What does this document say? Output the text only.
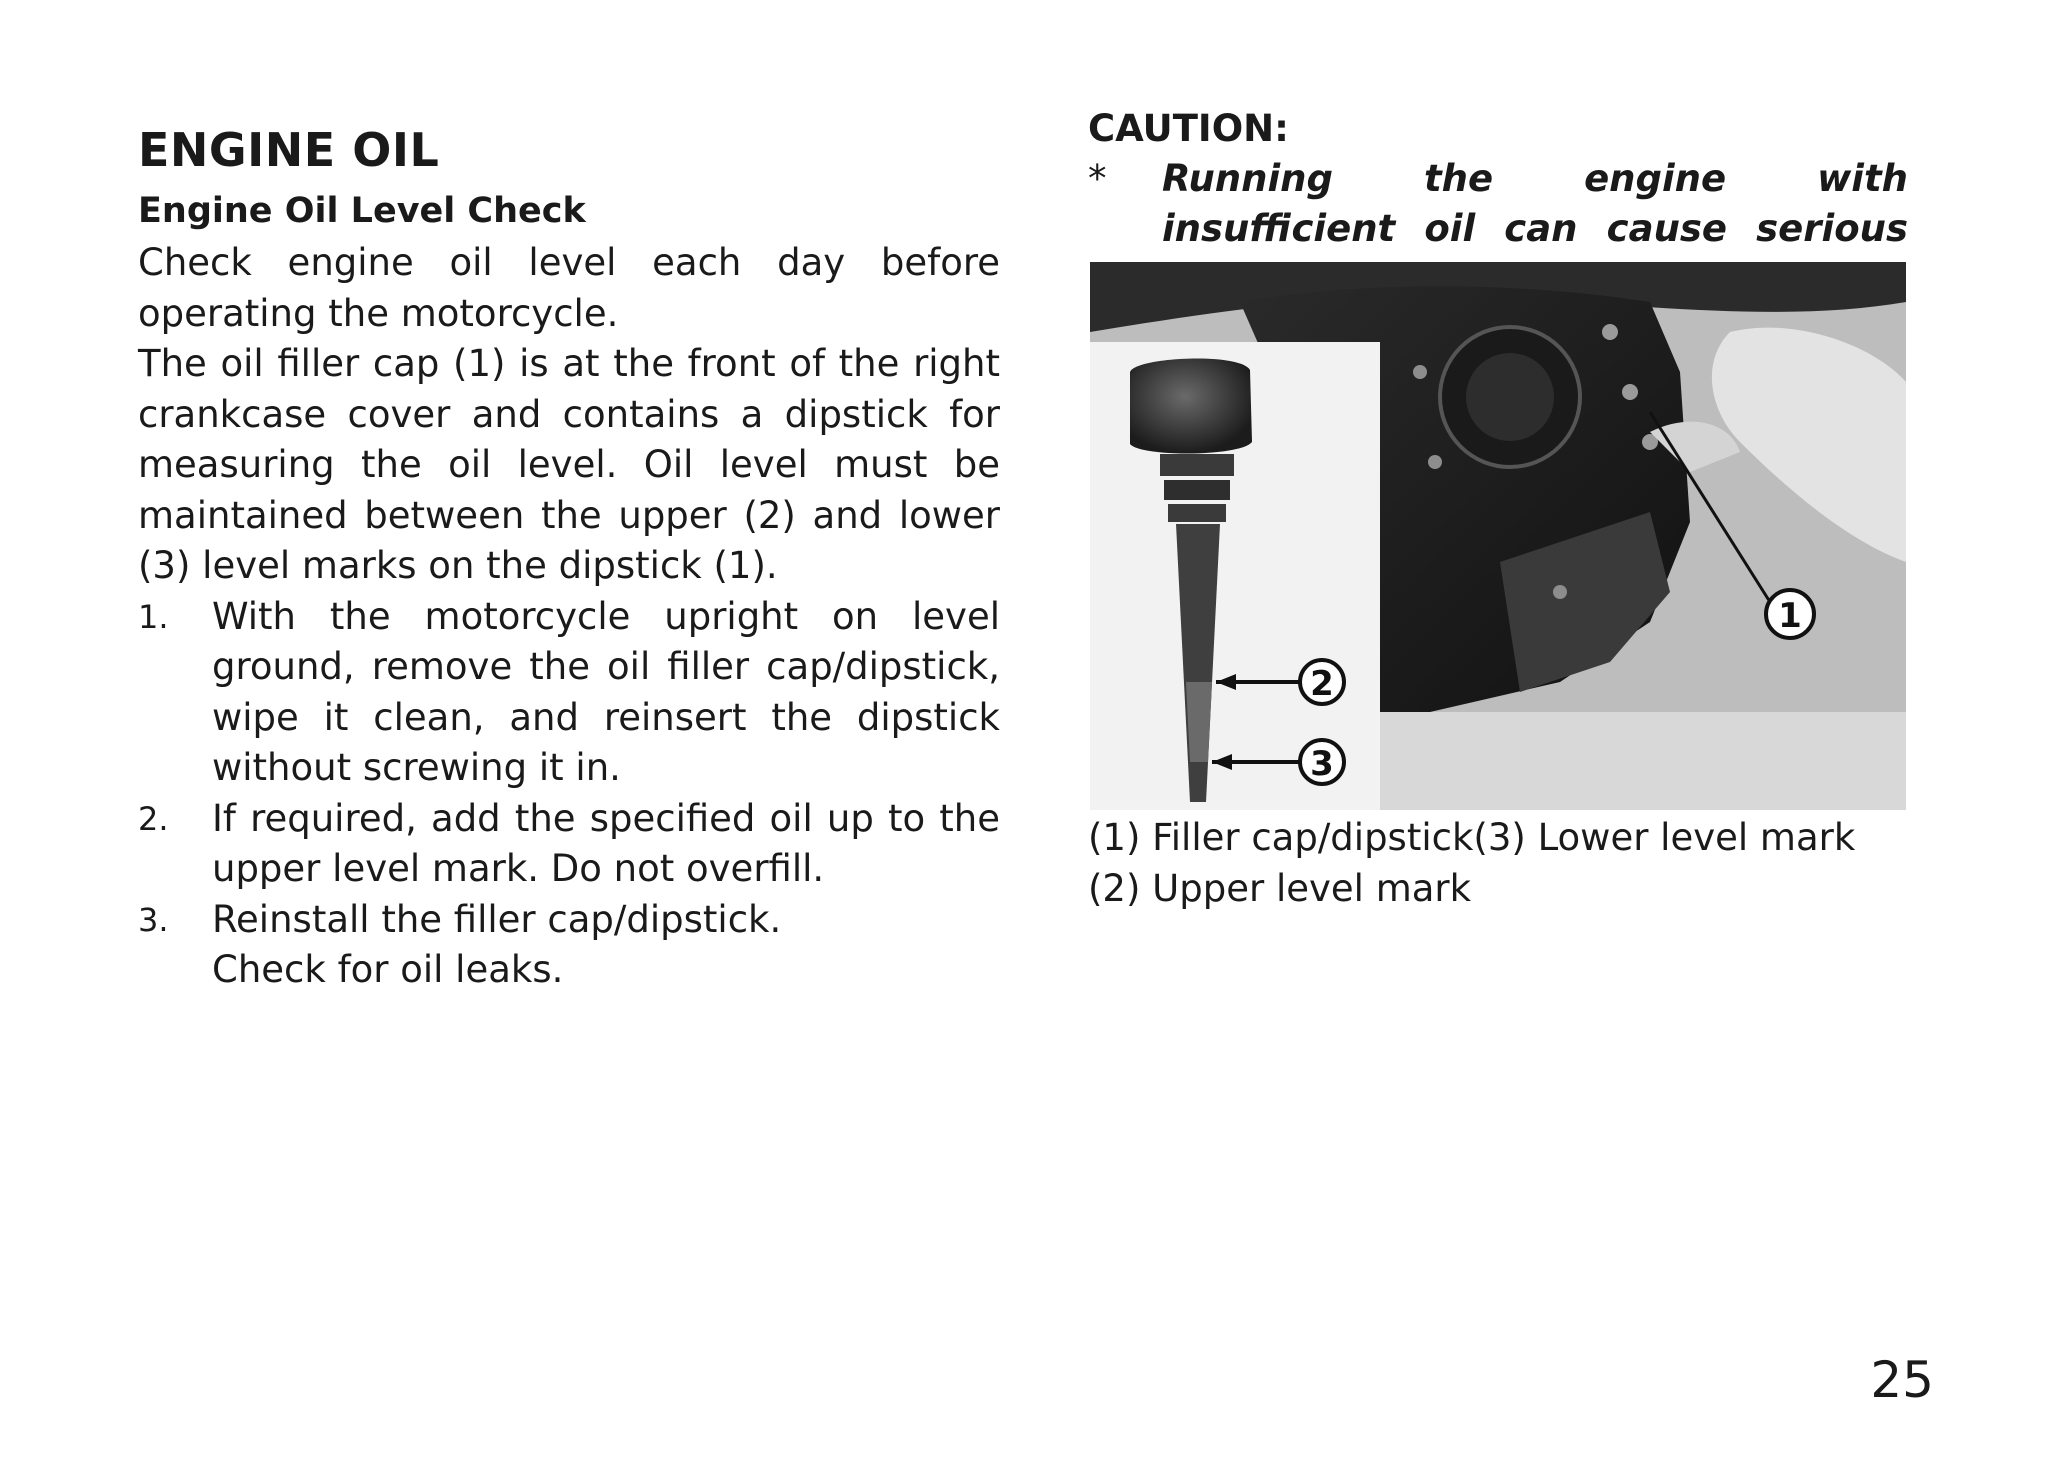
ENGINE OIL
Engine Oil Level Check

Check engine oil level each day before operating the motorcycle.

The oil filler cap (1) is at the front of the right crankcase cover and contains a dipstick for measuring the oil level. Oil level must be maintained between the upper (2) and lower (3) level marks on the dipstick (1).

1. With the motorcycle upright on level ground, remove the oil filler cap/dipstick, wipe it clean, and reinsert the dipstick without screwing it in.
2. If required, add the specified oil up to the upper level mark. Do not overfill.
3. Reinstall the filler cap/dipstick.
Check for oil leaks.
CAUTION:
* Running the engine with insufficient oil can cause serious
2
3
1
(1) Filler cap/dipstick(3) Lower level mark
(2) Upper level mark
25
